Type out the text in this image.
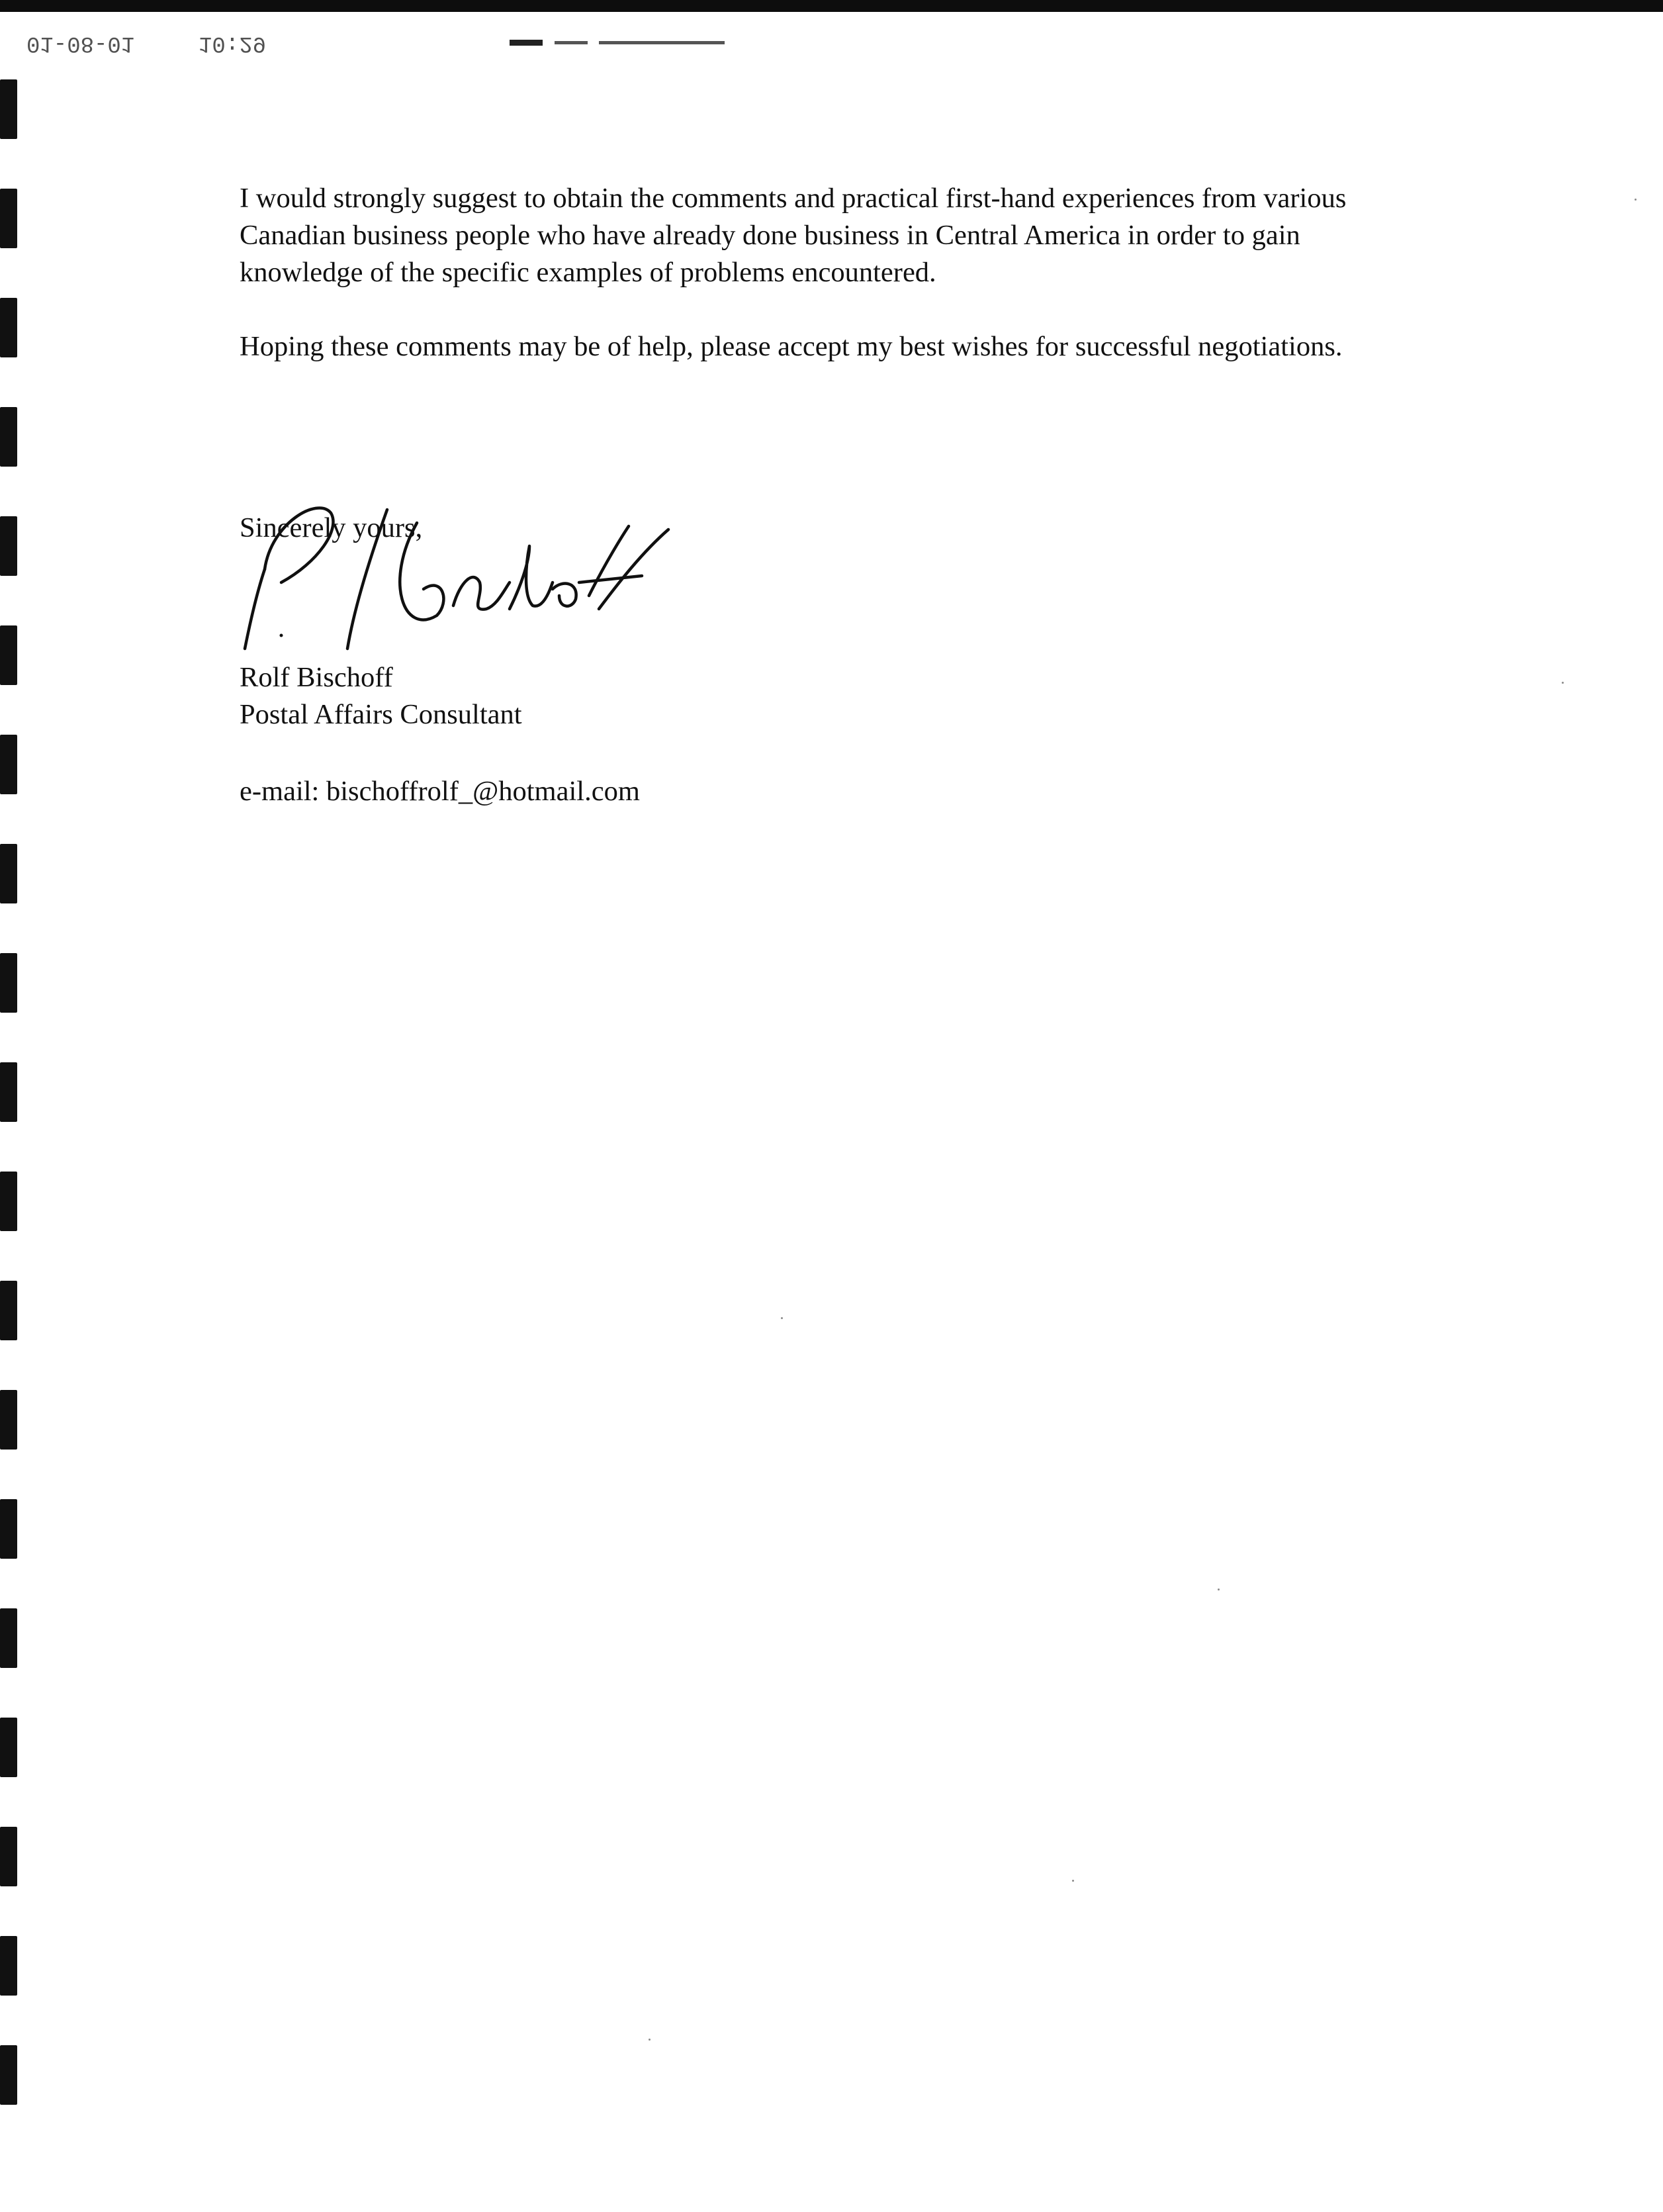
01-08-01	10:29

I would strongly suggest to obtain the comments and practical first-hand experiences from various Canadian business people who have already done business in Central America in order to gain knowledge of the specific examples of problems encountered.

Hoping these comments may be of help, please accept my best wishes for successful negotiations.

Sincerely yours,
Rolf Bischoff
Postal Affairs Consultant
e-mail: bischoffrolf_@hotmail.com
